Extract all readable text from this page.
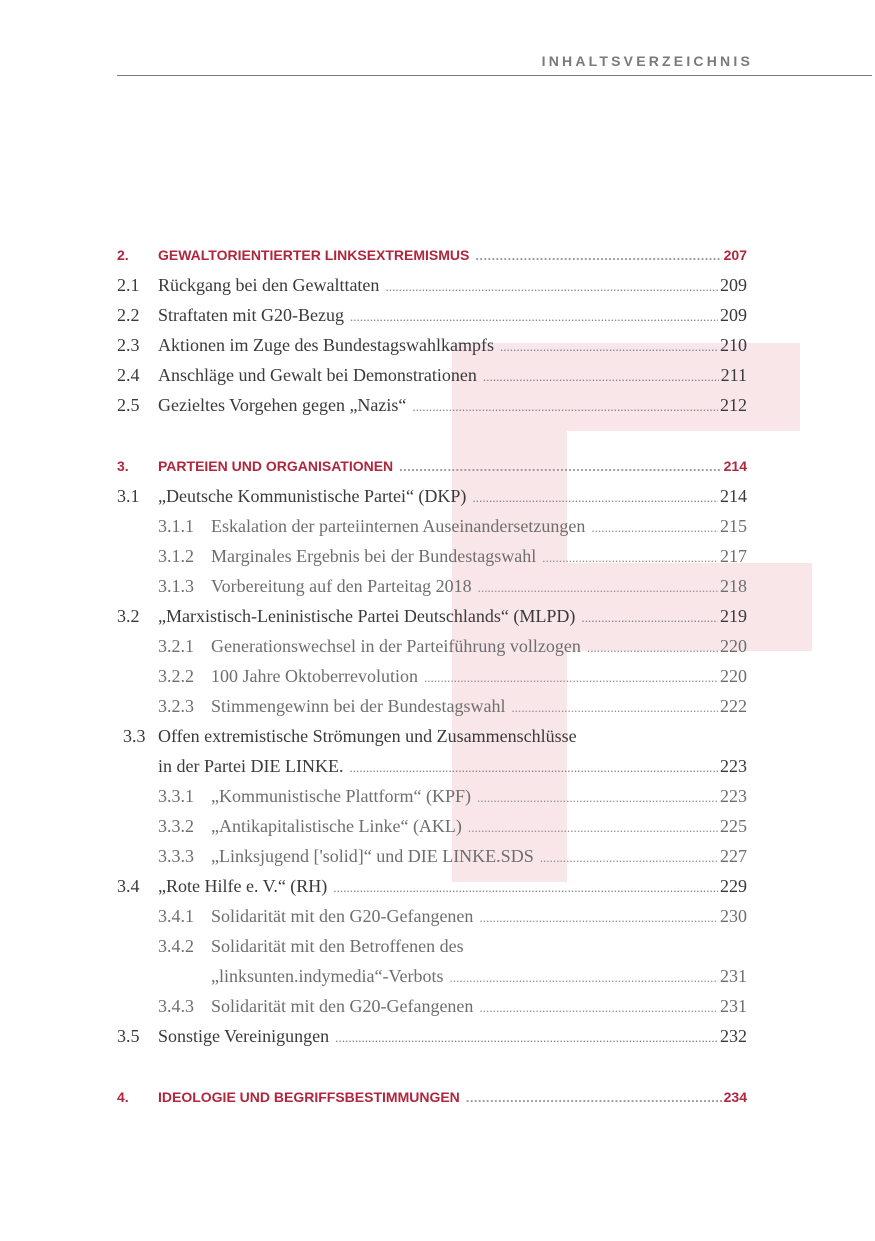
INHALTSVERZEICHNIS
2.	GEWALTORIENTIERTER LINKSEXTREMISMUS . . .	207
2.1	Rückgang bei den Gewalttaten . . .	209
2.2	Straftaten mit G20-Bezug . . .	209
2.3	Aktionen im Zuge des Bundestagswahlkampfs . . .	210
2.4	Anschläge und Gewalt bei Demonstrationen . . .	211
2.5	Gezieltes Vorgehen gegen „Nazis“ . . .	212
3.	PARTEIEN UND ORGANISATIONEN . . .	214
3.1	„Deutsche Kommunistische Partei“ (DKP) . . .	214
3.1.1 Eskalation der parteiinternen Auseinandersetzungen . . .	215
3.1.2 Marginales Ergebnis bei der Bundestagswahl . . .	217
3.1.3 Vorbereitung auf den Parteitag 2018 . . .	218
3.2	„Marxistisch-Leninistische Partei Deutschlands“ (MLPD) . . .	219
3.2.1 Generationswechsel in der Parteiführung vollzogen . . .	220
3.2.2 100 Jahre Oktoberrevolution . . .	220
3.2.3 Stimmengewinn bei der Bundestagswahl . . .	222
3.3 Offen extremistische Strömungen und Zusammenschlüsse
in der Partei DIE LINKE. . . .	223
3.3.1 „Kommunistische Plattform“ (KPF) . . .	223
3.3.2 „Antikapitalistische Linke“ (AKL) . . .	225
3.3.3 „Linksjugend ['solid]“ und DIE LINKE.SDS . . .	227
3.4	„Rote Hilfe e. V.“ (RH) . . .	229
3.4.1 Solidarität mit den G20-Gefangenen . . .	230
3.4.2 Solidarität mit den Betroffenen des
„linksunten.indymedia“-Verbots . . .	231
3.4.3 Solidarität mit den G20-Gefangenen . . .	231
3.5	Sonstige Vereinigungen . . .	232
4.	IDEOLOGIE UND BEGRIFFSBESTIMMUNGEN . . .	234
